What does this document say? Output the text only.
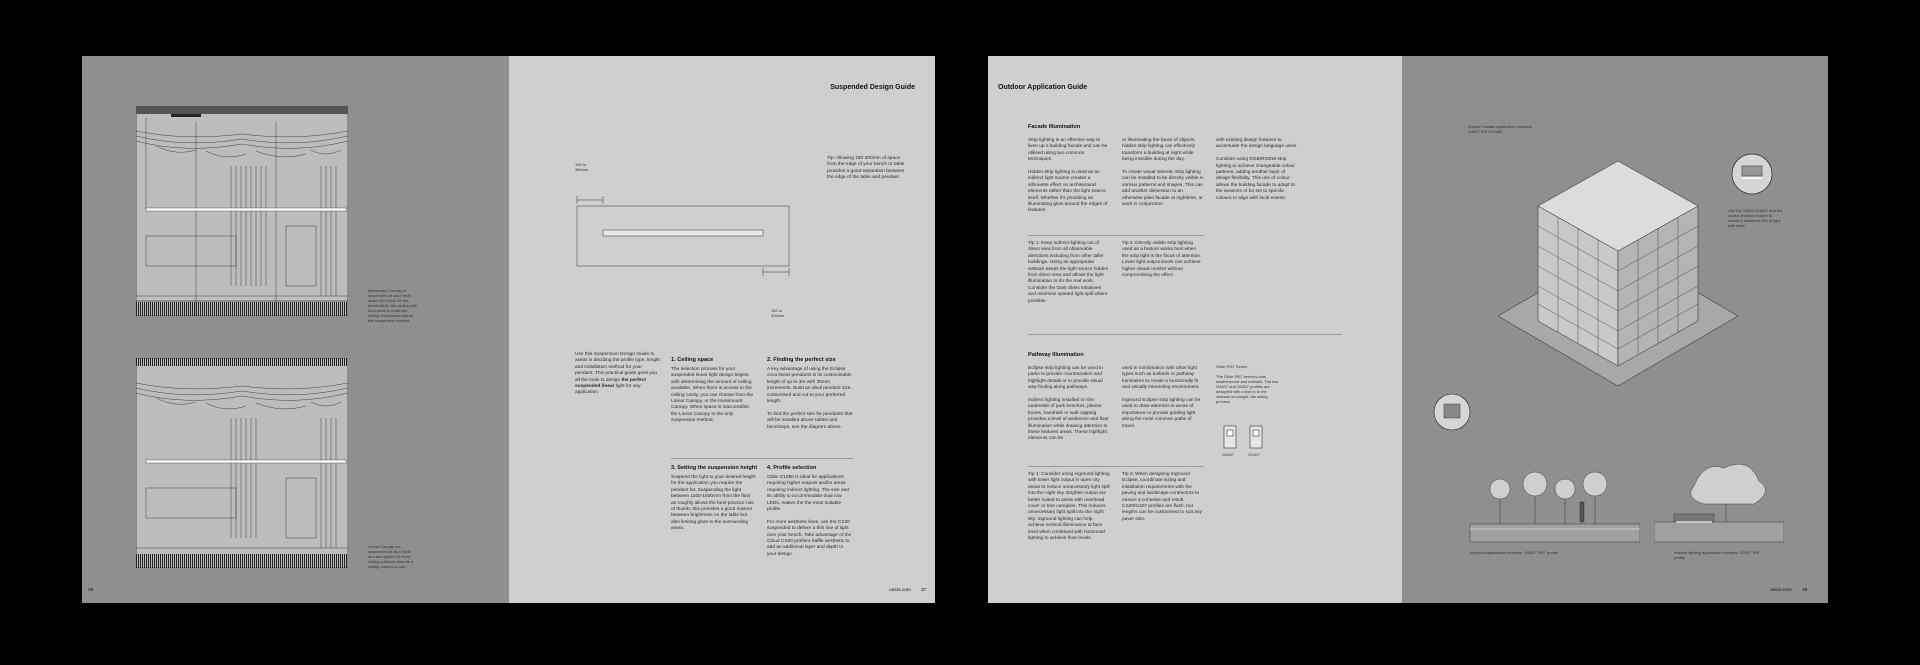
Illuminated Canopy is suspended at stool level above the block for the bench table, the ceiling with floor ends to make the ceiling emphasise wall for the suspension method.
Linear Canopy are suspended at stool level and are applied to more ceiling surfaces than as a ceiling canopy in use...
36
Suspended Design Guide
150 to 300mm
150 to 300mm
Tip: Allowing 150-300mm of space from the edge of your bench or table provides a good separation between the edge of the table and pendant.
Use this Suspension Design Guide to assist in deciding the profile type, length and installation method for your pendant. This practical guide goes you all the tools to design the perfect suspended linear light for any application.
1. Ceiling space
The selection process for your suspended linear light design begins with determining the amount of ceiling available. When there is access to the ceiling cavity, you can choose from the Linear Canopy, or the Invisimount Canopy. When space is inaccessible, the Linear Canopy is the only suspension method.
2. Finding the perfect size
A key advantage of using the Eclipse circa linear pendants is its customisable length of up to 3m with 25mm increments. Build an ideal pendant size, customised and cut to your preferred length.

To find the perfect size for pendants that will be installed above tables and benchtops, see the diagram above.
3. Setting the suspension height
Suspend the light to your desired height for the application you require the pendant for. Suspending the light between 1100-1800mm from the floor as roughly allows the best-practice rule of thumb; this provides a good mixture between brightness on the table but also limiting glare to the surrounding areas.
4. Profile selection
Glide G1050 is ideal for applications requiring higher outputs and/or areas requiring indirect lighting. The size and its ability to accommodate dual row LEDs, makes the the most suitable profile.

For more aesthetic lines, use the CS20 suspended to deliver a thin line of light over your bench. Take advantage of the Cloud CS20 profile's baffle aesthetic to add an additional layer and depth to your design.
unios.com 37
Outdoor Application Guide
Facade Illumination
Strip lighting is an effective way to liven up a building facade and can be utilised using two common techniques.

Hidden strip lighting is used as an indirect light source creates a silhouette effect on architectural elements rather than the light source itself. Whether it's providing an illuminating glow around the edges of features
or illuminating the faces of objects, hidden strip lighting can effectively transform a building at night while being invisible during the day.

To create visual interest, strip lighting can be installed to be directly visible in various patterns and shapes. This can add another dimension to an otherwise plain facade at nighttime, or work in conjunction
with existing design features to accentuate the design language used.

Consider using RGB/RGBW strip lighting to achieve changeable colour patterns, adding another layer of design flexibility. This use of colour allows the building facade to adapt to the seasons or be set to specific colours to align with local events.
Tip 1: Keep indirect lighting out of direct view from all observable directions including from other taller buildings. Using an appropriate setback keeps the light source hidden from direct view and allows the light illumination to do the real work. Consider the Dark Skies Initiatives and minimise upward light spill where possible.
Tip 2: Directly visible strip lighting used as a feature works best when the strip light is the focus of attention. Lower light output levels can achieve higher visual comfort without compromising the effect.
Pathway Illumination
Eclipse strip lighting can be used in parks to provide countouration and highlight details or to provide visual way-finding along pathways.

Indirect lighting installed on the underside of park benches, planter boxes, handrails or wall capping provides a level of ambience and floor illumination while drawing attention to these features areas. These highlight elements can be
used in combination with other light types such as bollards or pathway luminaires to create a functionally lit and visually interesting environment.

Inground Eclipse strip lighting can be used to draw attention to areas of importance or provide guiding light along the most common paths of travel.
Glide IP67 Series

The Glide IP67 series's both weatherproof and suitable. The two G4407 and G2407 profiles are designed with a bolt in to the channel on weight, the wiring process.
G4407	G2407
Tip 1: Consider using inground lighting with lower light output in open city areas to reduce unnecessary light spill into the night sky. Brighter output are better suited to areas with overhead cover or tree canopies. This reduces unnecessary light spill into the night sky. Inground lighting can help achieve vertical illuminance at face level when combined with horizontal lighting to achieve floor levels.
Tip 2: When designing Inground Eclipse, coordinate sizing and installation requirements with the paving and landscape contractors to ensure a cohesive and result. CS20/G407 profiles are flush, but lengths can be customised to suit any paver size.
Eclipse Facade application example. G4407 IP67 Profile
Use the G4407/G4407 and the added channel feature to create a seamless line of light with ease.
Inground application example. G4407 IP67 profile	Indirect lighting application example. G2407 IP67 profile
unios.com 39
